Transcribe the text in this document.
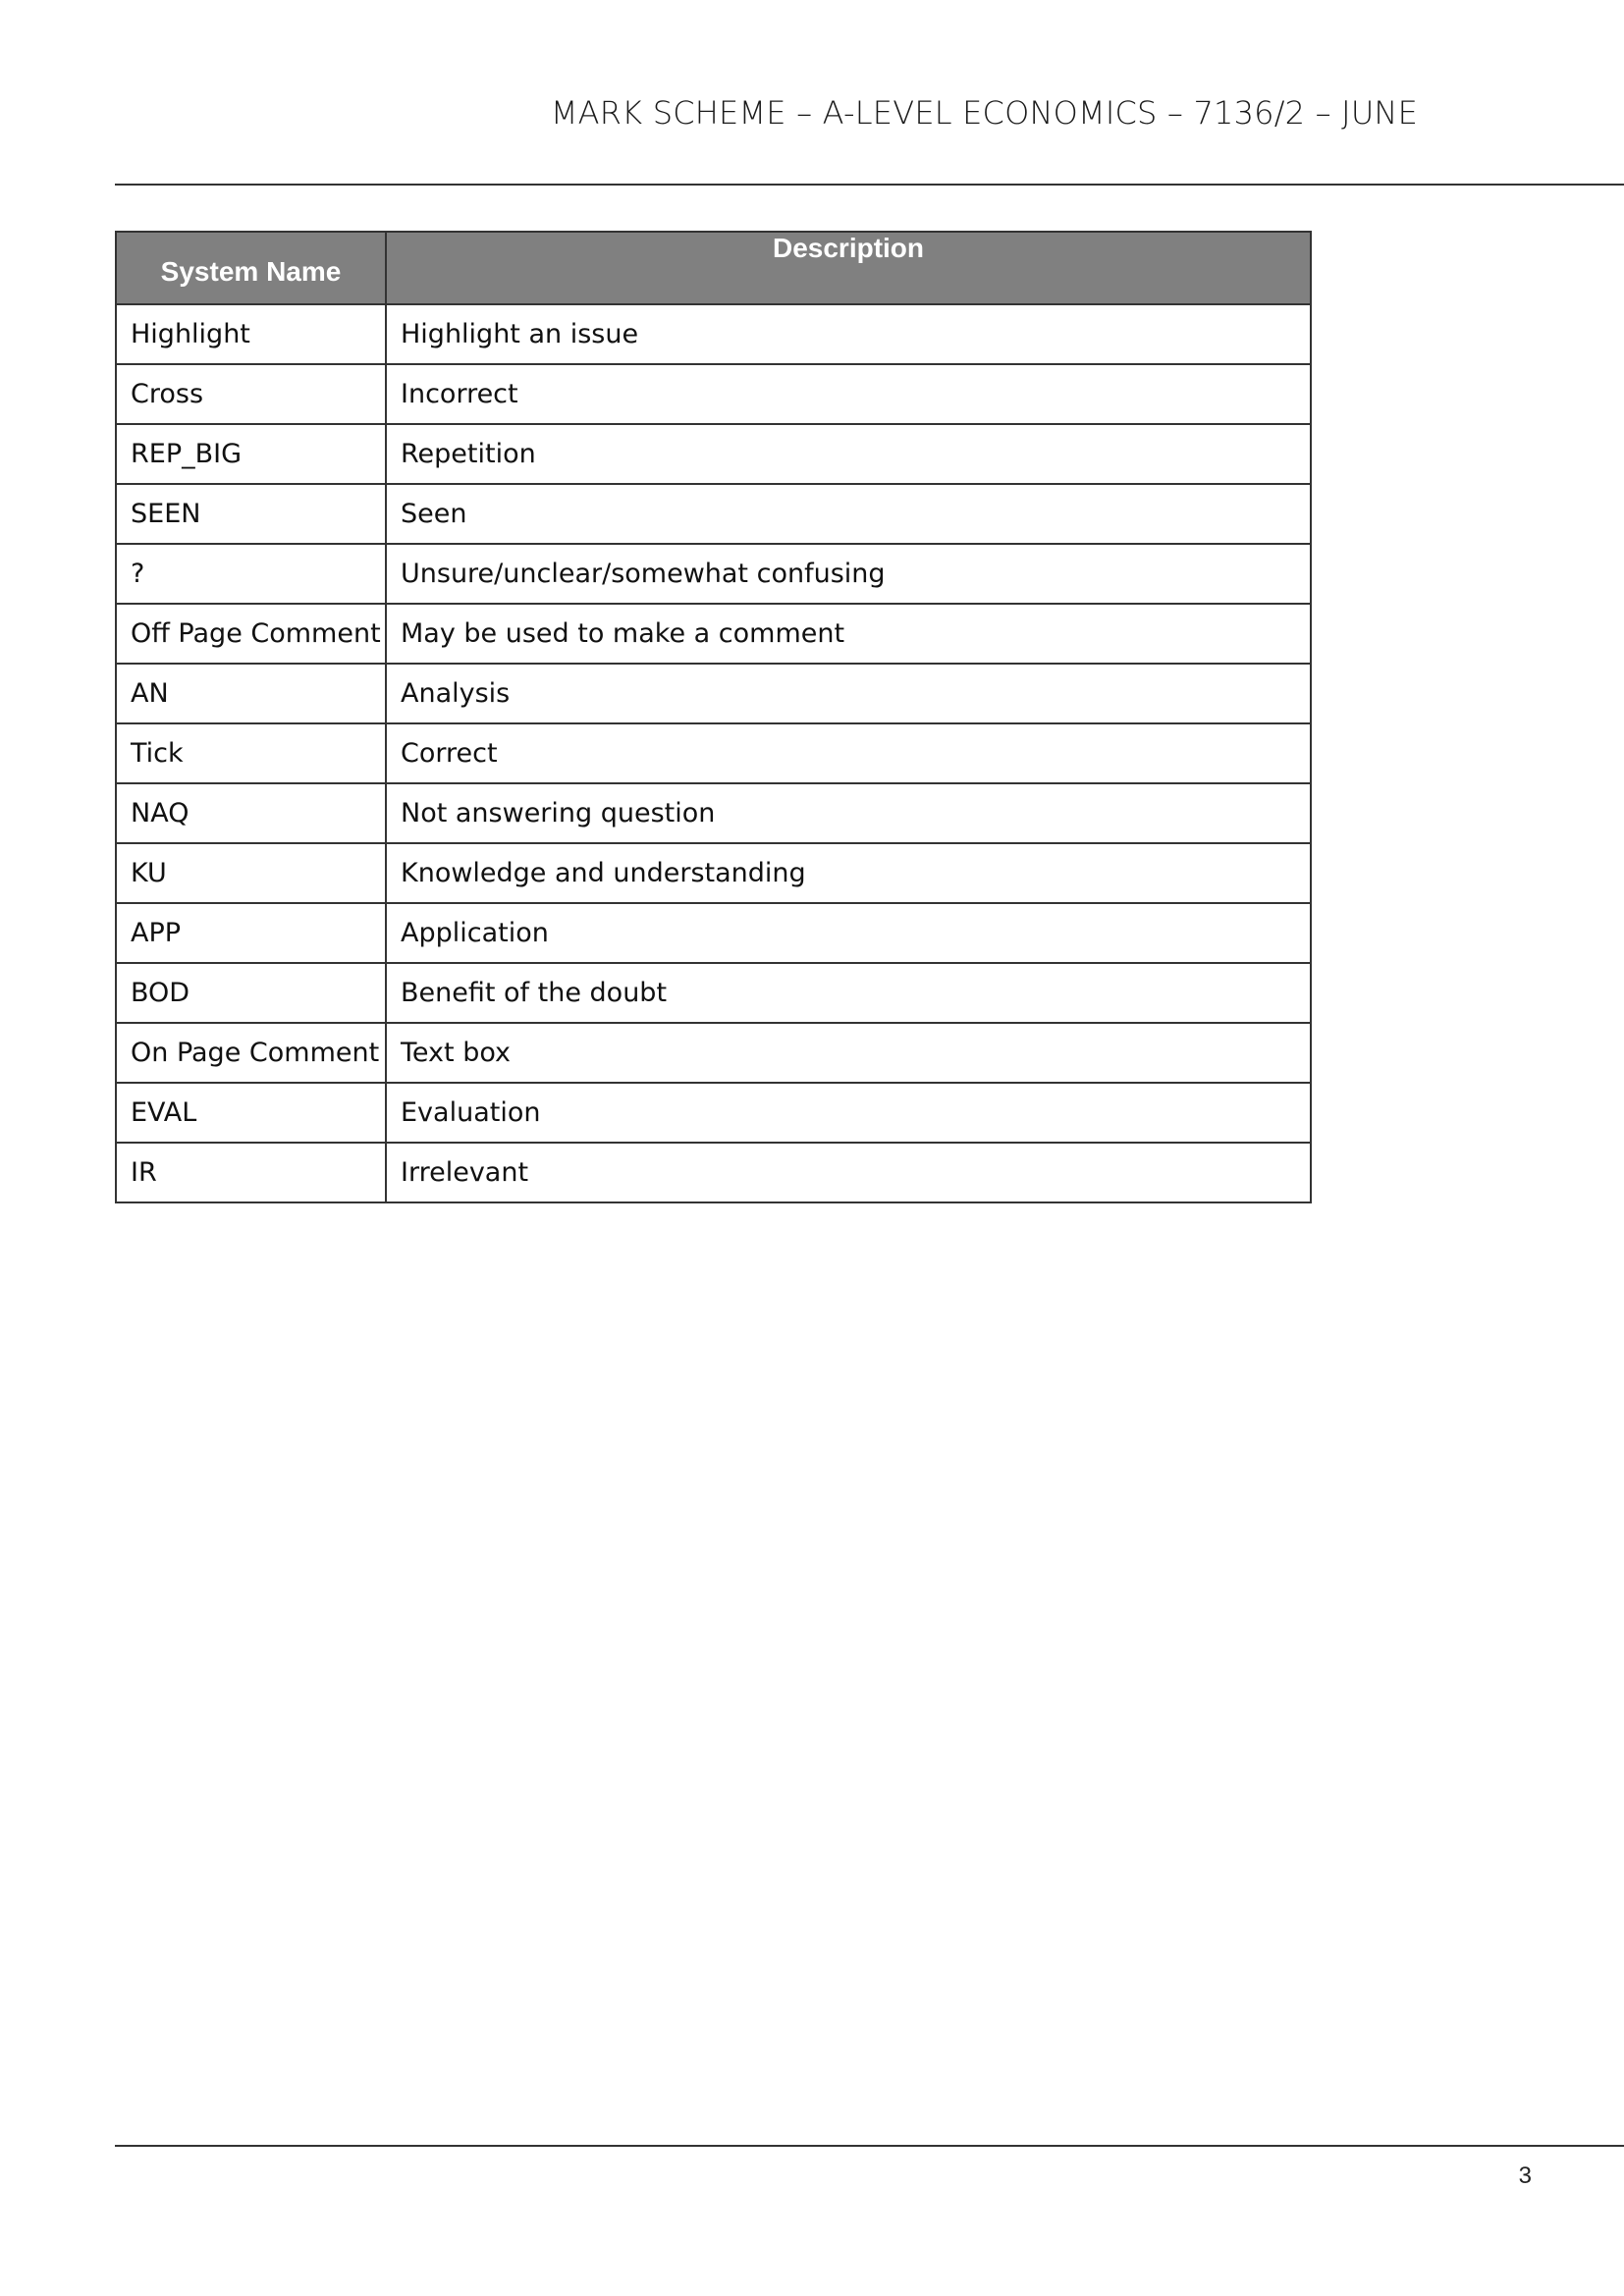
MARK SCHEME – A-LEVEL ECONOMICS – 7136/2 – JUNE
System Name	Description
Highlight	Highlight an issue
Cross	Incorrect
REP_BIG	Repetition
SEEN	Seen
?	Unsure/unclear/somewhat confusing
Off Page Comment	May be used to make a comment
AN	Analysis
Tick	Correct
NAQ	Not answering question
KU	Knowledge and understanding
APP	Application
BOD	Benefit of the doubt
On Page Comment	Text box
EVAL	Evaluation
IR	Irrelevant
3
